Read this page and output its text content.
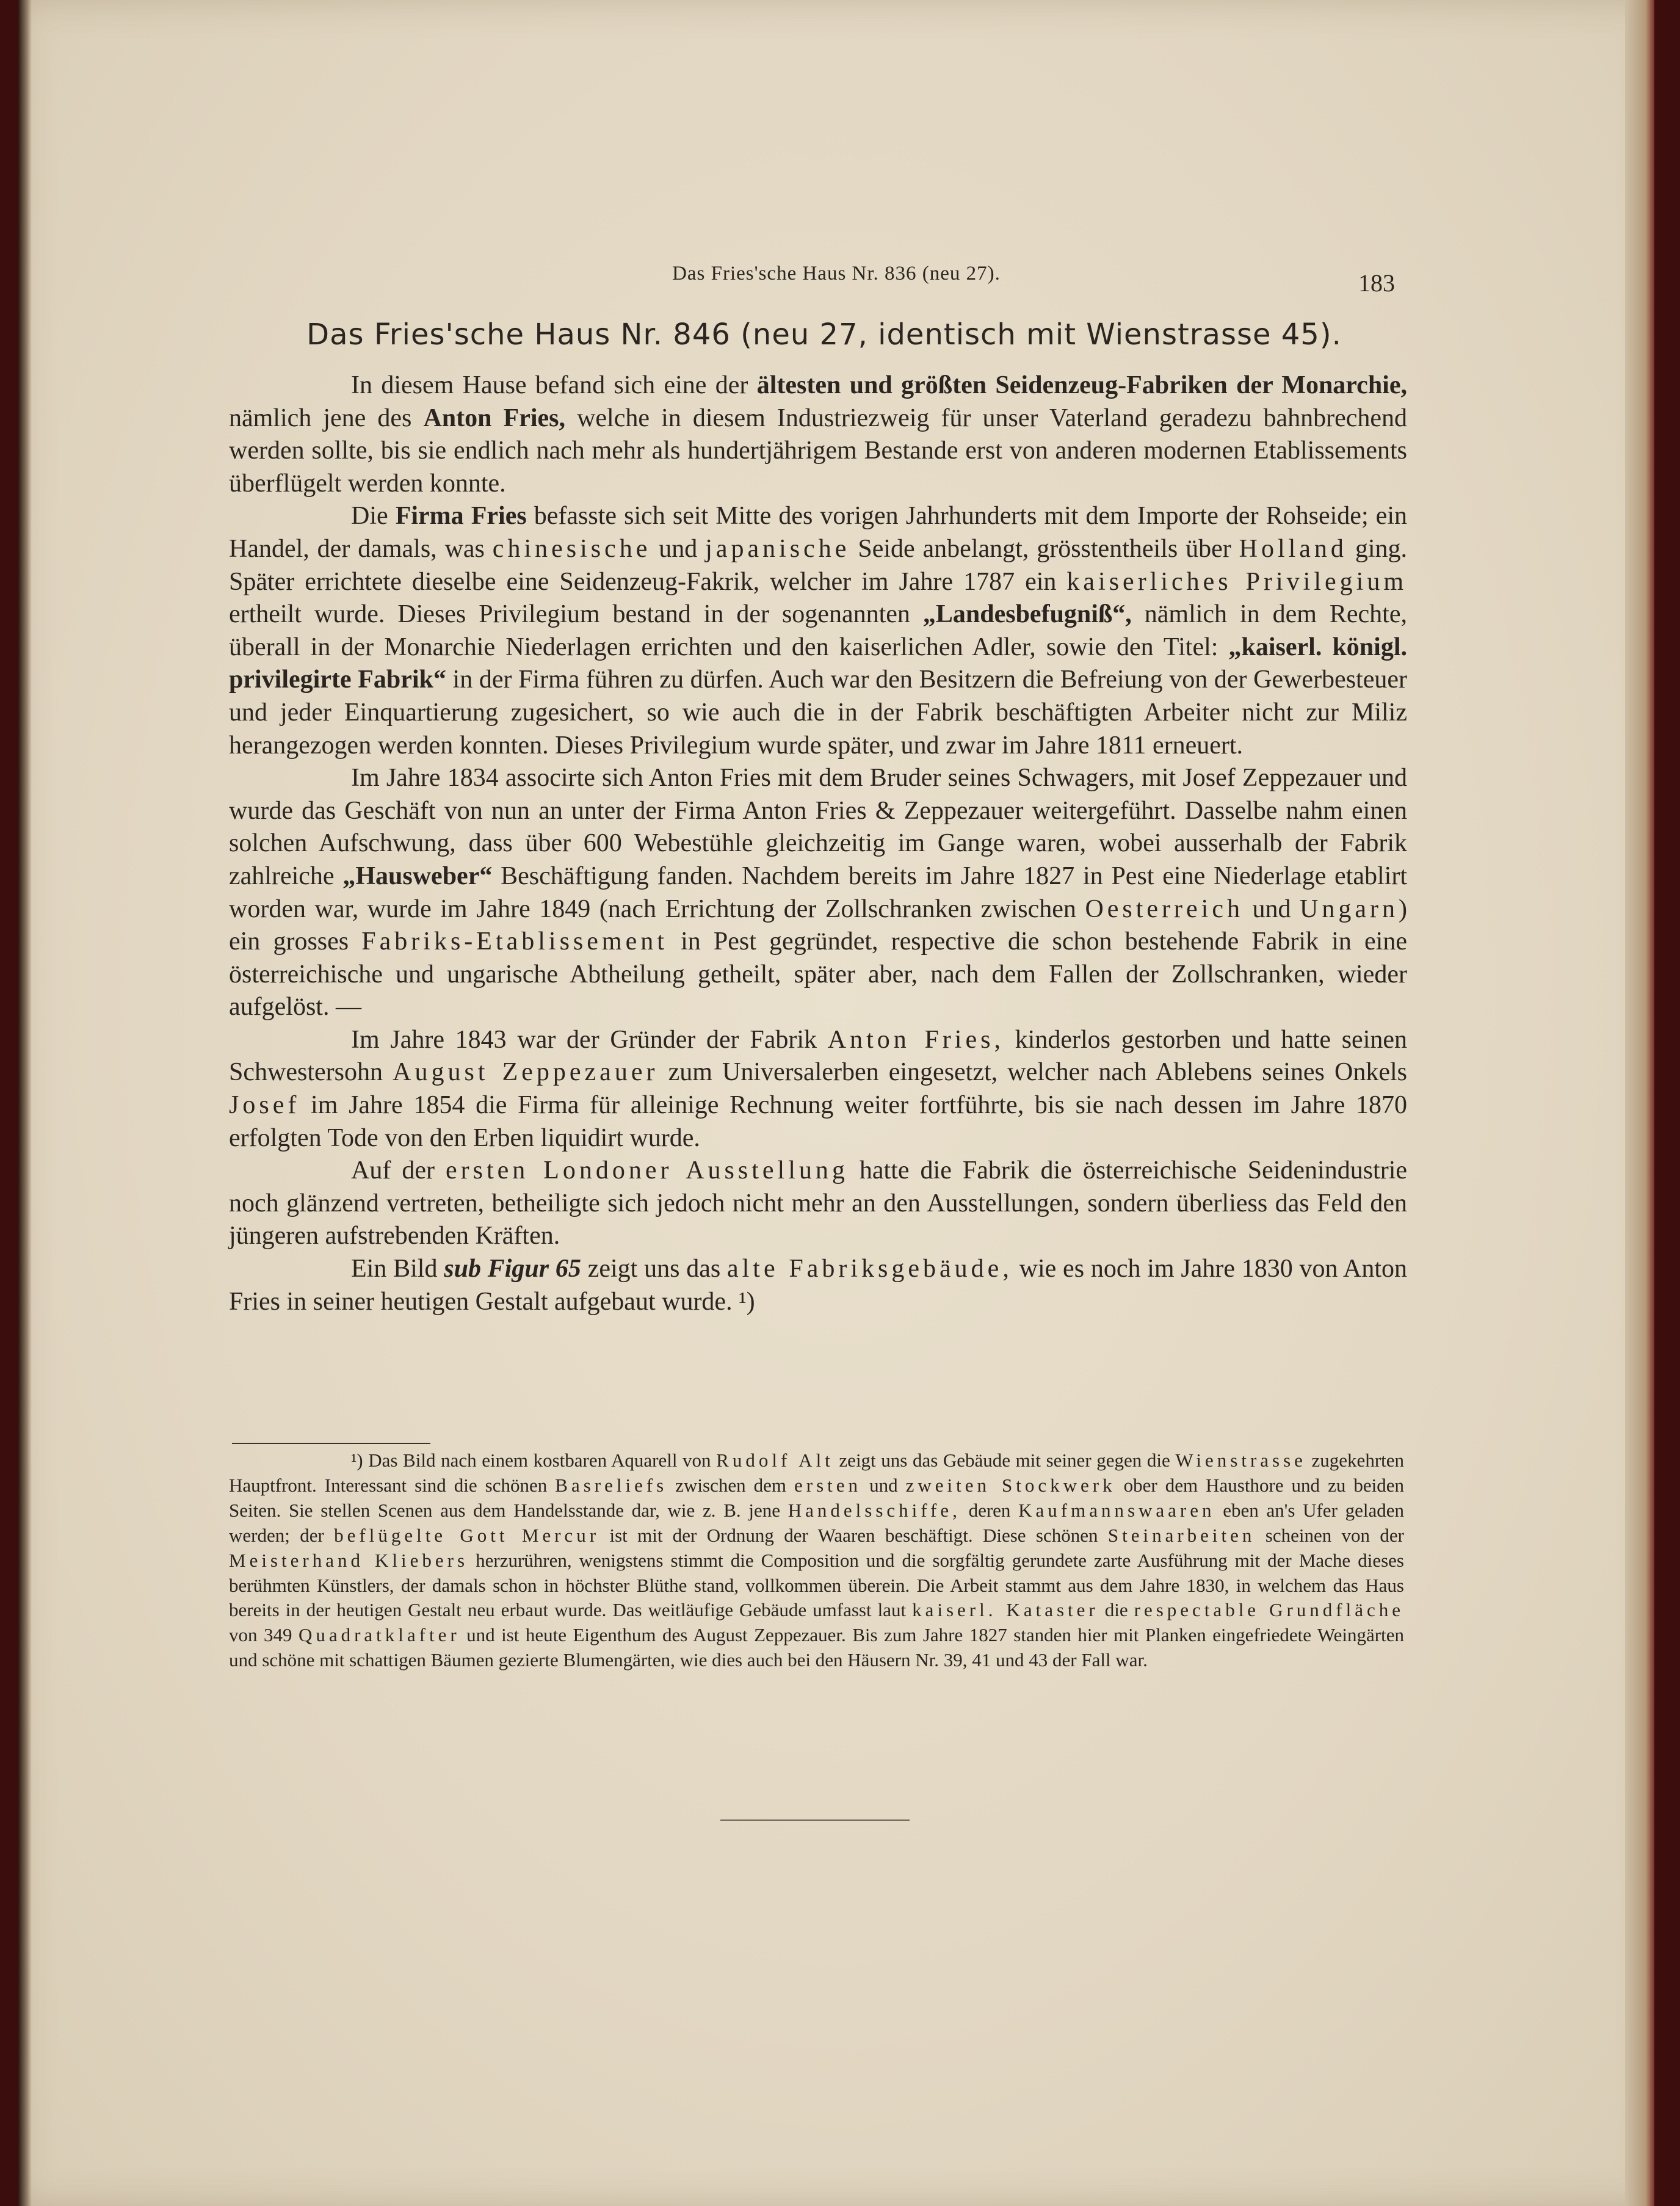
Das Fries'sche Haus Nr. 836 (neu 27).	183
Das Fries'sche Haus Nr. 846 (neu 27, identisch mit Wienstrasse 45).

In diesem Hause befand sich eine der ältesten und größten Seidenzeug-Fabriken der Monarchie, nämlich jene des Anton Fries, welche in diesem Industriezweig für unser Vaterland geradezu bahnbrechend werden sollte, bis sie endlich nach mehr als hundertjährigem Bestande erst von anderen modernen Etablissements überflügelt werden konnte.

Die Firma Fries befasste sich seit Mitte des vorigen Jahrhunderts mit dem Importe der Rohseide; ein Handel, der damals, was chinesische und japanische Seide anbelangt, grösstentheils über Holland ging. Später errichtete dieselbe eine Seidenzeug-Fakrik, welcher im Jahre 1787 ein kaiserliches Privilegium ertheilt wurde. Dieses Privilegium bestand in der sogenannten „Landesbefugniß“, nämlich in dem Rechte, überall in der Monarchie Niederlagen errichten und den kaiserlichen Adler, sowie den Titel: „kaiserl. königl. privilegirte Fabrik“ in der Firma führen zu dürfen. Auch war den Besitzern die Befreiung von der Gewerbesteuer und jeder Einquartierung zugesichert, so wie auch die in der Fabrik beschäftigten Arbeiter nicht zur Miliz herangezogen werden konnten. Dieses Privilegium wurde später, und zwar im Jahre 1811 erneuert.

Im Jahre 1834 associrte sich Anton Fries mit dem Bruder seines Schwagers, mit Josef Zeppezauer und wurde das Geschäft von nun an unter der Firma Anton Fries & Zeppezauer weitergeführt. Dasselbe nahm einen solchen Aufschwung, dass über 600 Webestühle gleichzeitig im Gange waren, wobei ausserhalb der Fabrik zahlreiche „Hausweber“ Beschäftigung fanden. Nachdem bereits im Jahre 1827 in Pest eine Niederlage etablirt worden war, wurde im Jahre 1849 (nach Errichtung der Zollschranken zwischen Oesterreich und Ungarn) ein grosses Fabriks-Etablissement in Pest gegründet, respective die schon bestehende Fabrik in eine österreichische und ungarische Abtheilung getheilt, später aber, nach dem Fallen der Zollschranken, wieder aufgelöst. —

Im Jahre 1843 war der Gründer der Fabrik Anton Fries, kinderlos gestorben und hatte seinen Schwestersohn August Zeppezauer zum Universalerben eingesetzt, welcher nach Ablebens seines Onkels Josef im Jahre 1854 die Firma für alleinige Rechnung weiter fortführte, bis sie nach dessen im Jahre 1870 erfolgten Tode von den Erben liquidirt wurde.

Auf der ersten Londoner Ausstellung hatte die Fabrik die österreichische Seidenindustrie noch glänzend vertreten, betheiligte sich jedoch nicht mehr an den Ausstellungen, sondern überliess das Feld den jüngeren aufstrebenden Kräften.

Ein Bild sub Figur 65 zeigt uns das alte Fabriksgebäude, wie es noch im Jahre 1830 von Anton Fries in seiner heutigen Gestalt aufgebaut wurde. ¹)

¹) Das Bild nach einem kostbaren Aquarell von Rudolf Alt zeigt uns das Gebäude mit seiner gegen die Wienstrasse zugekehrten Hauptfront. Interessant sind die schönen Basreliefs zwischen dem ersten und zweiten Stockwerk ober dem Hausthore und zu beiden Seiten. Sie stellen Scenen aus dem Handelsstande dar, wie z. B. jene Handelsschiffe, deren Kaufmannswaaren eben an's Ufer geladen werden; der beflügelte Gott Mercur ist mit der Ordnung der Waaren beschäftigt. Diese schönen Steinarbeiten scheinen von der Meisterhand Kliebers herzurühren, wenigstens stimmt die Composition und die sorgfältig gerundete zarte Ausführung mit der Mache dieses berühmten Künstlers, der damals schon in höchster Blüthe stand, vollkommen überein. Die Arbeit stammt aus dem Jahre 1830, in welchem das Haus bereits in der heutigen Gestalt neu erbaut wurde. Das weitläufige Gebäude umfasst laut kaiserl. Kataster die respectable Grundfläche von 349 Quadratklafter und ist heute Eigenthum des August Zeppezauer. Bis zum Jahre 1827 standen hier mit Planken eingefriedete Weingärten und schöne mit schattigen Bäumen gezierte Blumengärten, wie dies auch bei den Häusern Nr. 39, 41 und 43 der Fall war.
